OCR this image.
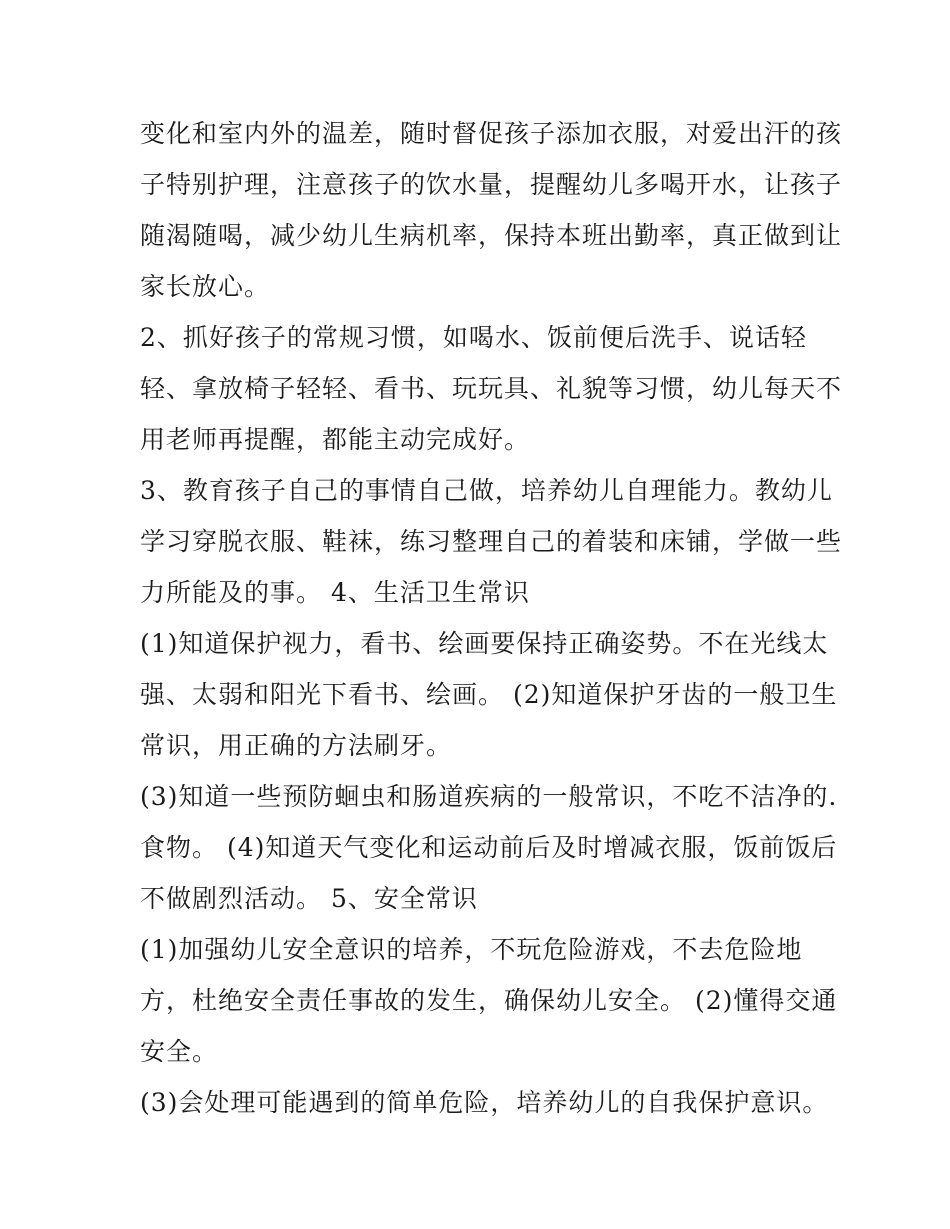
变化和室内外的温差，随时督促孩子添加衣服，对爱出汗的孩
子特别护理，注意孩子的饮水量，提醒幼儿多喝开水，让孩子
随渴随喝，减少幼儿生病机率，保持本班出勤率，真正做到让
家长放心。
2、抓好孩子的常规习惯，如喝水、饭前便后洗手、说话轻
轻、拿放椅子轻轻、看书、玩玩具、礼貌等习惯，幼儿每天不
用老师再提醒，都能主动完成好。
3、教育孩子自己的事情自己做，培养幼儿自理能力。教幼儿
学习穿脱衣服、鞋袜，练习整理自己的着装和床铺，学做一些
力所能及的事。 4、生活卫生常识
(1)知道保护视力，看书、绘画要保持正确姿势。不在光线太
强、太弱和阳光下看书、绘画。 (2)知道保护牙齿的一般卫生
常识，用正确的方法刷牙。
(3)知道一些预防蛔虫和肠道疾病的一般常识，不吃不洁净的.
食物。 (4)知道天气变化和运动前后及时增减衣服，饭前饭后
不做剧烈活动。 5、安全常识
(1)加强幼儿安全意识的培养，不玩危险游戏，不去危险地
方，杜绝安全责任事故的发生，确保幼儿安全。 (2)懂得交通
安全。
(3)会处理可能遇到的简单危险，培养幼儿的自我保护意识。
